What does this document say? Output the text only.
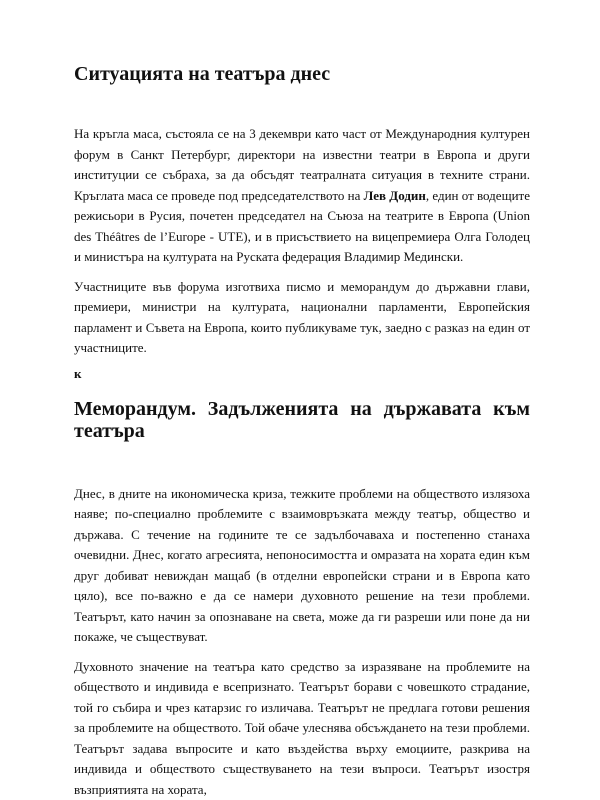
Ситуацията на театъра днес

На кръгла маса, състояла се на 3 декември като част от Международния културен форум в Санкт Петербург, директори на известни театри в Европа и други институции се събраха, за да обсъдят театралната ситуация в техните страни. Кръглата маса се проведе под председателството на Лев Додин, един от водещите режисьори в Русия, почетен председател на Съюза на театрите в Европа (Union des Théâtres de l’Europe - UTE), и в присъствието на вицепремиера Олга Голодец и министъра на културата на Руската федерация Владимир Медински.

Участниците във форума изготвиха писмо и меморандум до държавни глави, премиери, министри на културата, национални парламенти, Европейския парламент и Съвета на Европа, които публикуваме тук, заедно с разказ на един от участниците.

к
Меморандум. Задълженията на държавата към театъра

Днес, в дните на икономическа криза, тежките проблеми на обществото излязоха наяве; по-специално проблемите с взаимовръзката между театър, общество и държава. С течение на годините те се задълбочаваха и постепенно станаха очевидни. Днес, когато агресията, непоносимостта и омразата на хората един към друг добиват невиждан мащаб (в отделни европейски страни и в Европа като цяло), все по-важно е да се намери духовното решение на тези проблеми. Театърът, като начин за опознаване на света, може да ги разреши или поне да ни покаже, че съществуват.

Духовното значение на театъра като средство за изразяване на проблемите на обществото и индивида е всепризнато. Театърът борави с човешкото страдание, той го събира и чрез катарзис го изличава. Театърът не предлага готови решения за проблемите на обществото. Той обаче улеснява обсъждането на тези проблеми. Театърът задава въпросите и като въздейства върху емоциите, разкрива на индивида и обществото съществуването на тези въпроси. Театърът изостря възприятията на хората,
